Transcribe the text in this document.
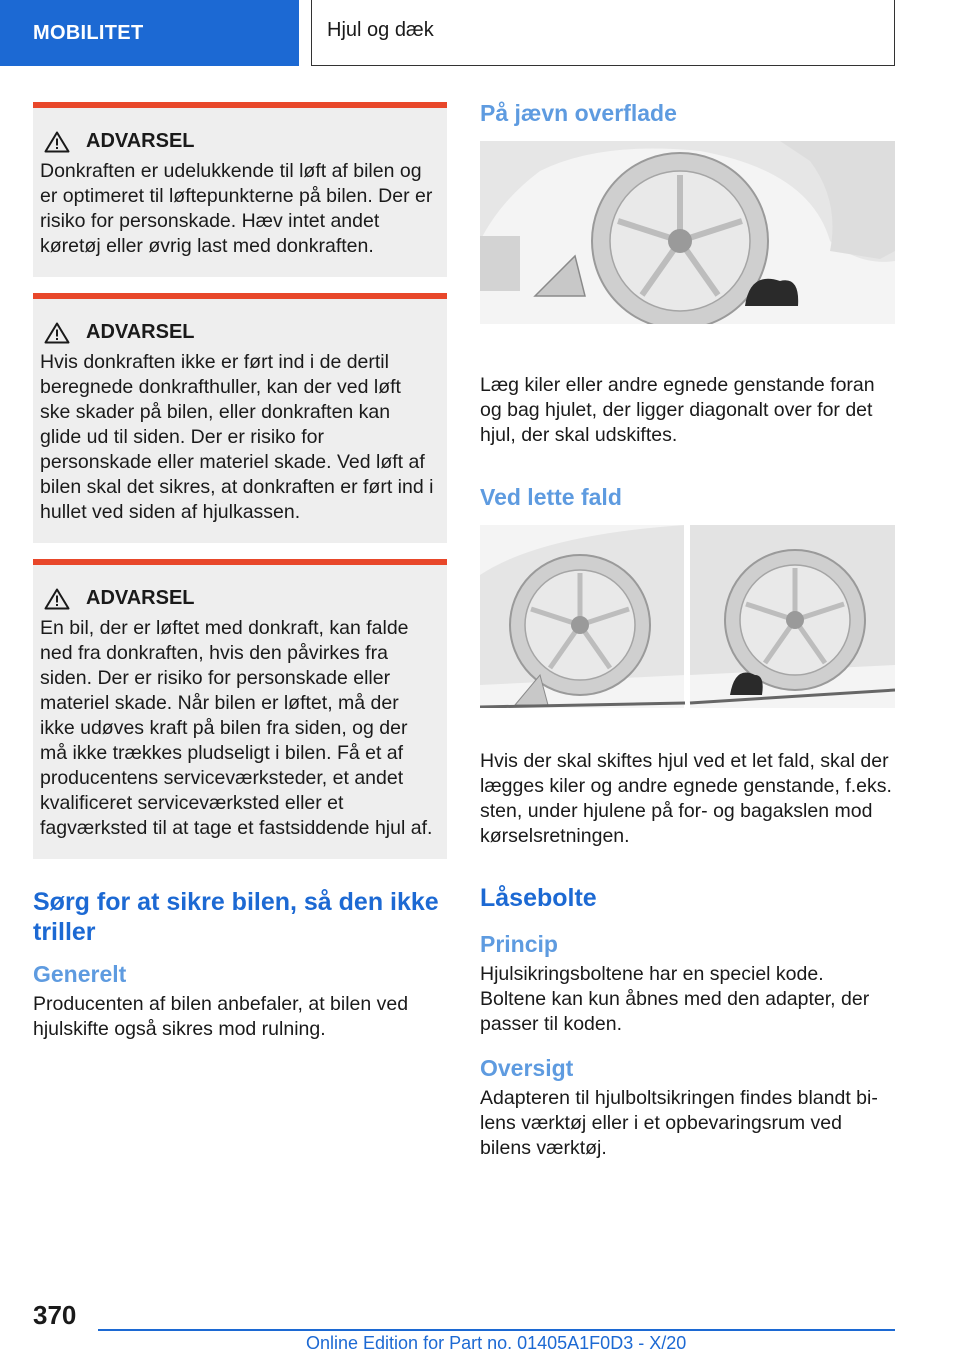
MOBILITET	Hjul og dæk
ADVARSEL
Donkraften er udelukkende til løft af bilen og er optimeret til løftepunkterne på bilen. Der er risiko for personskade. Hæv intet andet køretøj eller øvrig last med donkraften.
ADVARSEL
Hvis donkraften ikke er ført ind i de dertil beregnede donkrafthuller, kan der ved løft ske skader på bilen, eller donkraften kan glide ud til siden. Der er risiko for personskade eller materiel skade. Ved løft af bilen skal det sikres, at donkraften er ført ind i hullet ved siden af hjulkassen.
ADVARSEL
En bil, der er løftet med donkraft, kan falde ned fra donkraften, hvis den påvirkes fra siden. Der er risiko for personskade eller materiel skade. Når bilen er løftet, må der ikke udøves kraft på bilen fra siden, og der må ikke trækkes pludseligt i bilen. Få et af producentens serviceværksteder, et andet kvalificeret serviceværksted eller et fagværksted til at tage et fastsiddende hjul af.
Sørg for at sikre bilen, så den ikke triller
Generelt

Producenten af bilen anbefaler, at bilen ved hjulskifte også sikres mod rulning.

På jævn overflade

Læg kiler eller andre egnede genstande foran og bag hjulet, der ligger diagonalt over for det hjul, der skal udskiftes.

Ved lette fald

Hvis der skal skiftes hjul ved et let fald, skal der lægges kiler og andre egnede genstande, f.eks. sten, under hjulene på for- og bagakslen mod kørselsretningen.

Låsebolte
Princip

Hjulsikringsboltene har en speciel kode. Boltene kan kun åbnes med den adapter, der passer til koden.

Oversigt

Adapteren til hjulboltsikringen findes blandt bilens værktøj eller i et opbevaringsrum ved bilens værktøj.

370
Online Edition for Part no. 01405A1F0D3 - X/20
